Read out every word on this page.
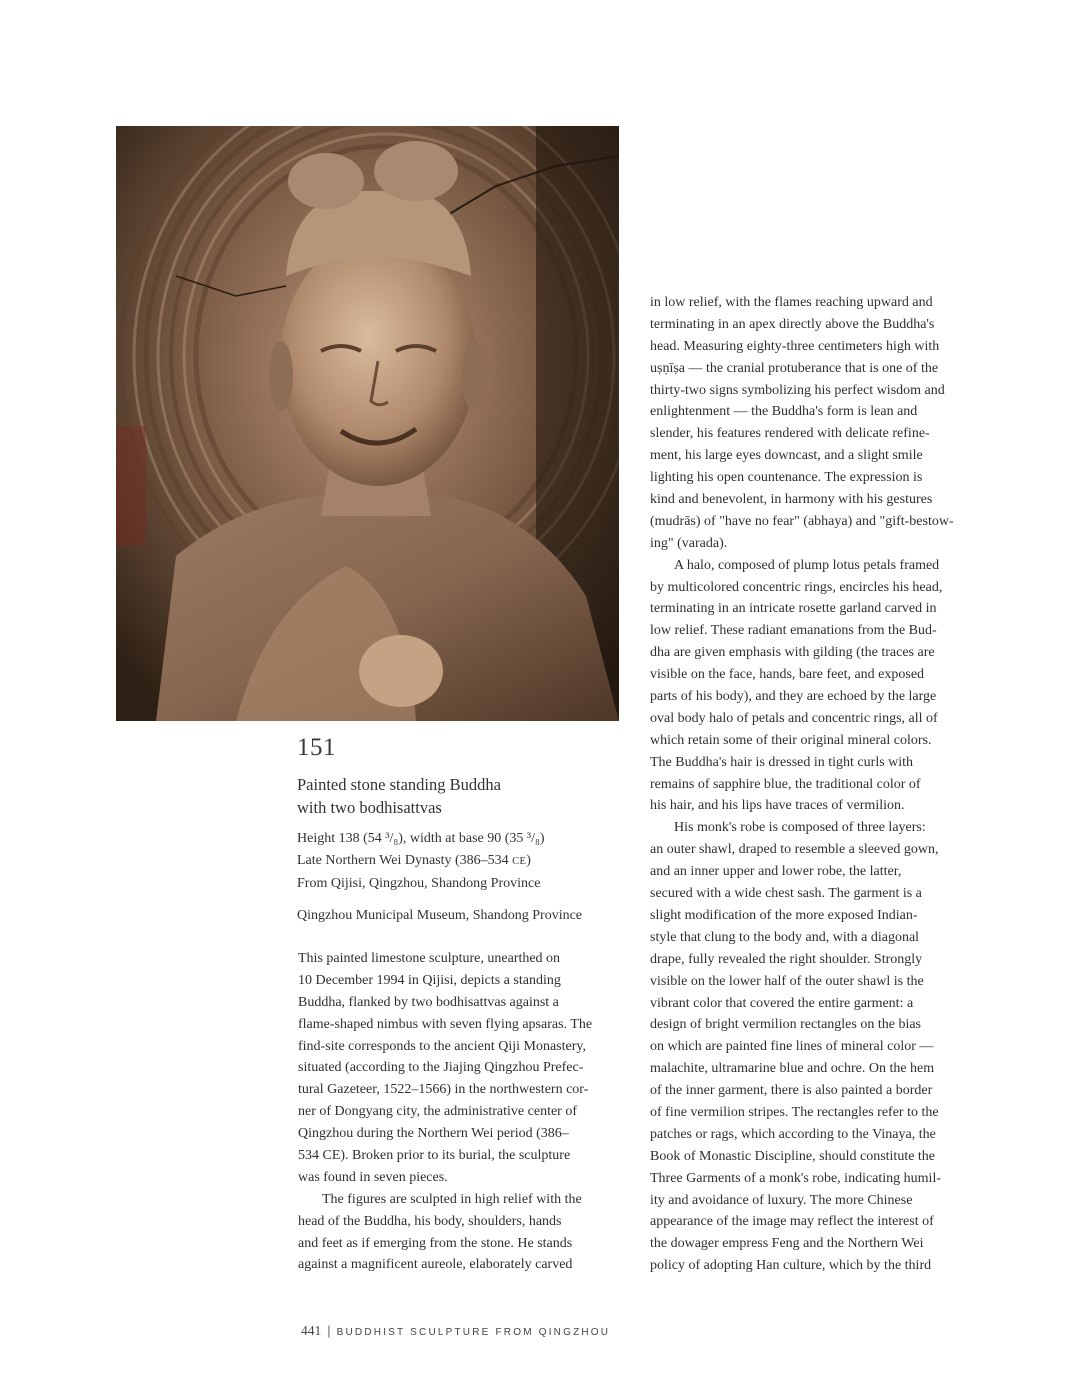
151
Painted stone standing Buddha
with two bodhisattvas
Height 138 (54 ³/₈), width at base 90 (35 ³/₈)
Late Northern Wei Dynasty (386–534 CE)
From Qijisi, Qingzhou, Shandong Province
Qingzhou Municipal Museum, Shandong Province
This painted limestone sculpture, unearthed on
10 December 1994 in Qijisi, depicts a standing
Buddha, flanked by two bodhisattvas against a
flame-shaped nimbus with seven flying apsaras. The
find-site corresponds to the ancient Qiji Monastery,
situated (according to the Jiajing Qingzhou Prefec-
tural Gazeteer, 1522–1566) in the northwestern cor-
ner of Dongyang city, the administrative center of
Qingzhou during the Northern Wei period (386–
534 CE). Broken prior to its burial, the sculpture
was found in seven pieces.
The figures are sculpted in high relief with the
head of the Buddha, his body, shoulders, hands
and feet as if emerging from the stone. He stands
against a magnificent aureole, elaborately carved
in low relief, with the flames reaching upward and
terminating in an apex directly above the Buddha's
head. Measuring eighty-three centimeters high with
uṣṇīṣa — the cranial protuberance that is one of the
thirty-two signs symbolizing his perfect wisdom and
enlightenment — the Buddha's form is lean and
slender, his features rendered with delicate refine-
ment, his large eyes downcast, and a slight smile
lighting his open countenance. The expression is
kind and benevolent, in harmony with his gestures
(mudrās) of "have no fear" (abhaya) and "gift-bestow-
ing" (varada).
A halo, composed of plump lotus petals framed
by multicolored concentric rings, encircles his head,
terminating in an intricate rosette garland carved in
low relief. These radiant emanations from the Bud-
dha are given emphasis with gilding (the traces are
visible on the face, hands, bare feet, and exposed
parts of his body), and they are echoed by the large
oval body halo of petals and concentric rings, all of
which retain some of their original mineral colors.
The Buddha's hair is dressed in tight curls with
remains of sapphire blue, the traditional color of
his hair, and his lips have traces of vermilion.
His monk's robe is composed of three layers:
an outer shawl, draped to resemble a sleeved gown,
and an inner upper and lower robe, the latter,
secured with a wide chest sash. The garment is a
slight modification of the more exposed Indian-
style that clung to the body and, with a diagonal
drape, fully revealed the right shoulder. Strongly
visible on the lower half of the outer shawl is the
vibrant color that covered the entire garment: a
design of bright vermilion rectangles on the bias
on which are painted fine lines of mineral color —
malachite, ultramarine blue and ochre. On the hem
of the inner garment, there is also painted a border
of fine vermilion stripes. The rectangles refer to the
patches or rags, which according to the Vinaya, the
Book of Monastic Discipline, should constitute the
Three Garments of a monk's robe, indicating humil-
ity and avoidance of luxury. The more Chinese
appearance of the image may reflect the interest of
the dowager empress Feng and the Northern Wei
policy of adopting Han culture, which by the third
441 | BUDDHIST SCULPTURE FROM QINGZHOU
